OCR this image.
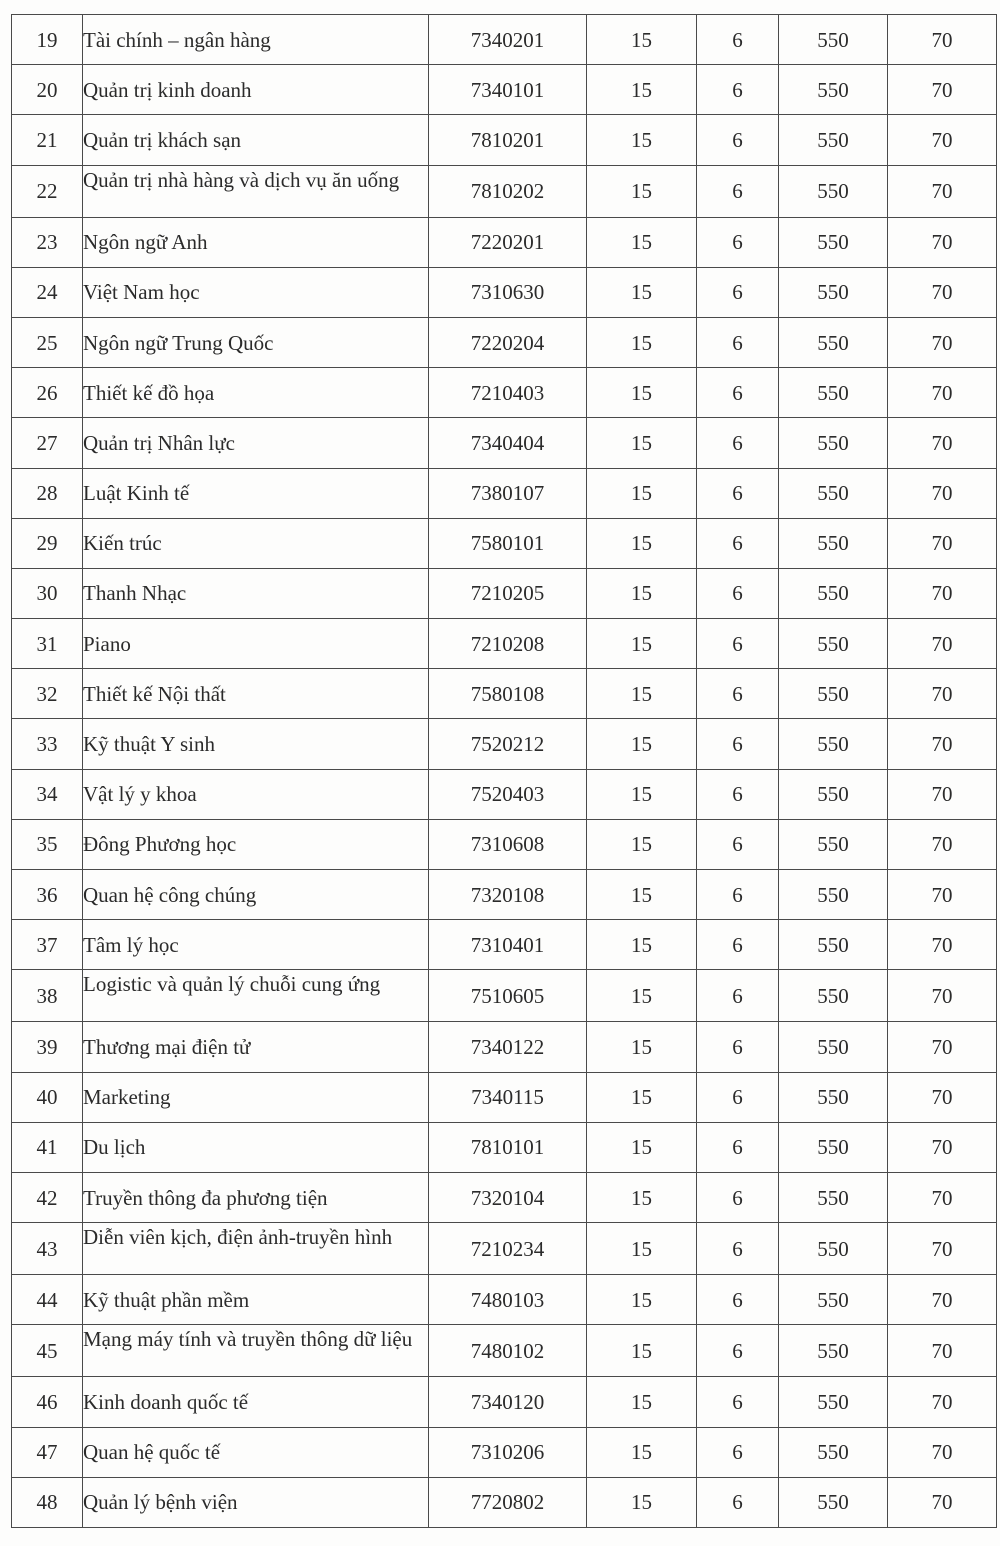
19	Tài chính – ngân hàng	7340201	15	6	550	70

20	Quản trị kinh doanh	7340101	15	6	550	70

21	Quản trị khách sạn	7810201	15	6	550	70

22	Quản trị nhà hàng và dịch vụ ăn uống	7810202	15	6	550	70

23	Ngôn ngữ Anh	7220201	15	6	550	70

24	Việt Nam học	7310630	15	6	550	70

25	Ngôn ngữ Trung Quốc	7220204	15	6	550	70

26	Thiết kế đồ họa	7210403	15	6	550	70

27	Quản trị Nhân lực	7340404	15	6	550	70

28	Luật Kinh tế	7380107	15	6	550	70

29	Kiến trúc	7580101	15	6	550	70

30	Thanh Nhạc	7210205	15	6	550	70

31	Piano	7210208	15	6	550	70

32	Thiết kế Nội thất	7580108	15	6	550	70

33	Kỹ thuật Y sinh	7520212	15	6	550	70

34	Vật lý y khoa	7520403	15	6	550	70

35	Đông Phương học	7310608	15	6	550	70

36	Quan hệ công chúng	7320108	15	6	550	70

37	Tâm lý học	7310401	15	6	550	70

38	Logistic và quản lý chuỗi cung ứng	7510605	15	6	550	70

39	Thương mại điện tử	7340122	15	6	550	70

40	Marketing	7340115	15	6	550	70

41	Du lịch	7810101	15	6	550	70

42	Truyền thông đa phương tiện	7320104	15	6	550	70

43	Diễn viên kịch, điện ảnh-truyền hình	7210234	15	6	550	70

44	Kỹ thuật phần mềm	7480103	15	6	550	70

45	Mạng máy tính và truyền thông dữ liệu	7480102	15	6	550	70

46	Kinh doanh quốc tế	7340120	15	6	550	70

47	Quan hệ quốc tế	7310206	15	6	550	70

48	Quản lý bệnh viện	7720802	15	6	550	70
